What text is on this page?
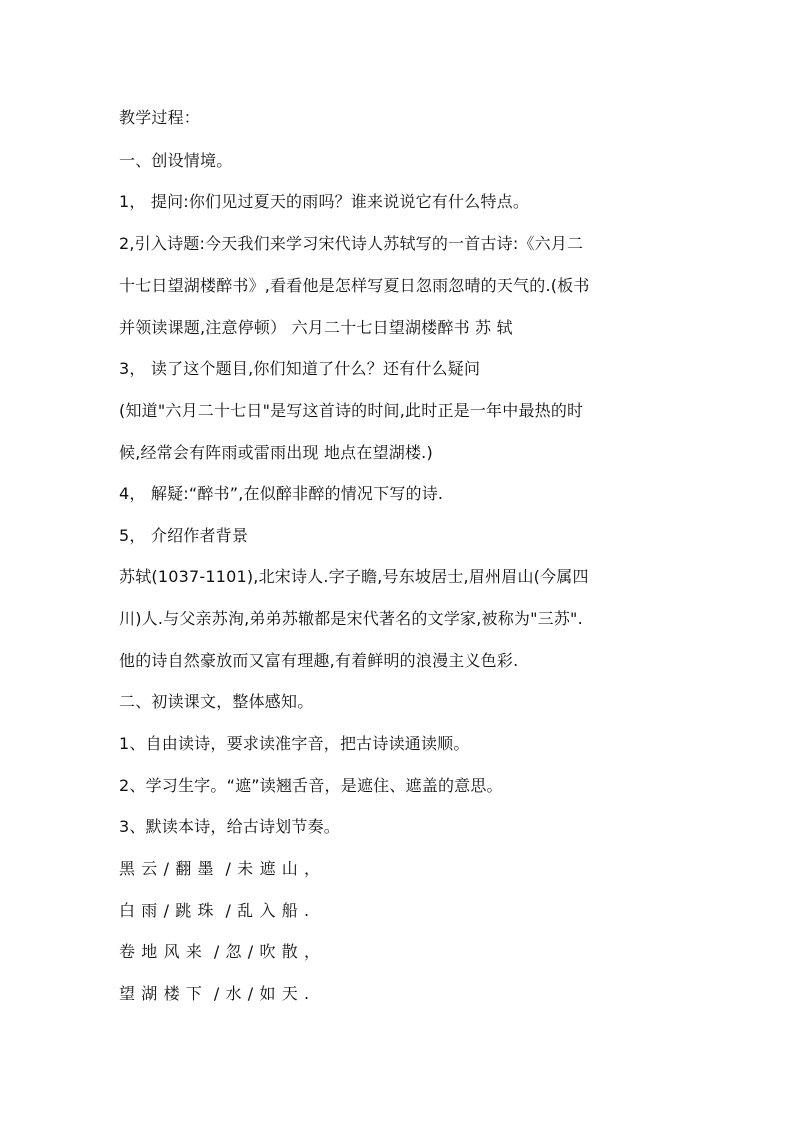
教学过程：
一、创设情境。
1， 提问:你们见过夏天的雨吗？谁来说说它有什么特点。
2,引入诗题:今天我们来学习宋代诗人苏轼写的一首古诗:《六月二
十七日望湖楼醉书》,看看他是怎样写夏日忽雨忽晴的天气的.(板书
并领读课题,注意停顿） 六月二十七日望湖楼醉书 苏 轼
3， 读了这个题目,你们知道了什么？还有什么疑问
(知道"六月二十七日"是写这首诗的时间,此时正是一年中最热的时
候,经常会有阵雨或雷雨出现 地点在望湖楼.)
4， 解疑:“醉书”,在似醉非醉的情况下写的诗.
5， 介绍作者背景
苏轼(1037-1101),北宋诗人.字子瞻,号东坡居士,眉州眉山(今属四
川)人.与父亲苏洵,弟弟苏辙都是宋代著名的文学家,被称为"三苏".
他的诗自然豪放而又富有理趣,有着鲜明的浪漫主义色彩.
二、初读课文，整体感知。
1、自由读诗，要求读准字音，把古诗读通读顺。
2、学习生字。“遮”读翘舌音，是遮住、遮盖的意思。
3、默读本诗，给古诗划节奏。
黑 云 / 翻 墨  / 未 遮 山 ，
白 雨 / 跳 珠  / 乱 入 船 .
卷 地 风 来  / 忽 / 吹 散 ，
望 湖 楼 下  / 水 / 如 天 .
